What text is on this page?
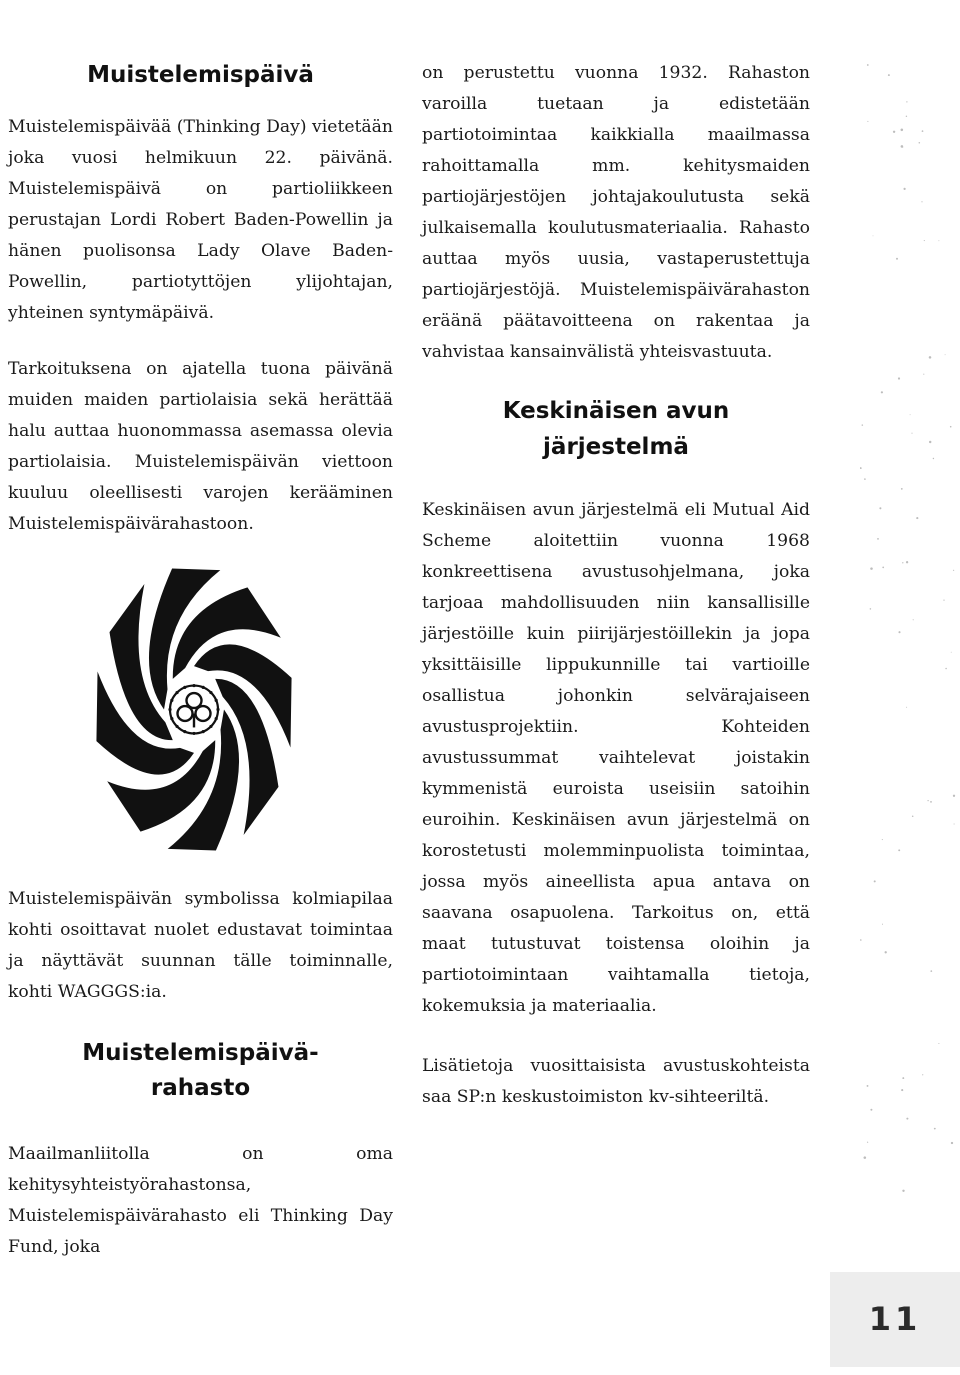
Muistelemispäivä

Muistelemispäivää (Thinking Day) vietetään joka vuosi helmikuun 22. päivänä. Muistelemispäivä on partioliikkeen perustajan Lordi Robert Baden-Powellin ja hänen puolisonsa Lady Olave Baden-Powellin, partiotyttöjen ylijohtajan, yhteinen syntymäpäivä.

Tarkoituksena on ajatella tuona päivänä muiden maiden partiolaisia sekä herättää halu auttaa huonommassa asemassa olevia partiolaisia. Muistelemispäivän viettoon kuuluu oleellisesti varojen kerääminen Muistelemispäivärahastoon.

Muistelemispäivän symbolissa kolmiapilaa kohti osoittavat nuolet edustavat toimintaa ja näyttävät suunnan tälle toiminnalle, kohti WAGGGS:ia.

Muistelemispäivä-
rahasto

Maailmanliitolla on oma kehitysyhteistyörahastonsa, Muistelemispäivärahasto eli Thinking Day Fund, joka

on perustettu vuonna 1932. Rahaston varoilla tuetaan ja edistetään partiotoimintaa kaikkialla maailmassa rahoittamalla mm. kehitysmaiden partiojärjestöjen johtajakoulutusta sekä julkaisemalla koulutusmateriaalia. Rahasto auttaa myös uusia, vastaperustettuja partiojärjestöjä. Muistelemispäivärahaston eräänä päätavoitteena on rakentaa ja vahvistaa kansainvälistä yhteisvastuuta.

Keskinäisen avun
järjestelmä

Keskinäisen avun järjestelmä eli Mutual Aid Scheme aloitettiin vuonna 1968 konkreettisena avustusohjelmana, joka tarjoaa mahdollisuuden niin kansallisille järjestöille kuin piirijärjestöillekin ja jopa yksittäisille lippukunnille tai vartioille osallistua johonkin selvärajaiseen avustusprojektiin. Kohteiden avustussummat vaihtelevat joistakin kymmenistä euroista useisiin satoihin euroihin. Keskinäisen avun järjestelmä on korostetusti molemminpuolista toimintaa, jossa myös aineellista apua antava on saavana osapuolena. Tarkoitus on, että maat tutustuvat toistensa oloihin ja partiotoimintaan vaihtamalla tietoja, kokemuksia ja materiaalia.

Lisätietoja vuosittaisista avustuskohteista saa SP:n keskustoimiston kv-sihteeriltä.

11
